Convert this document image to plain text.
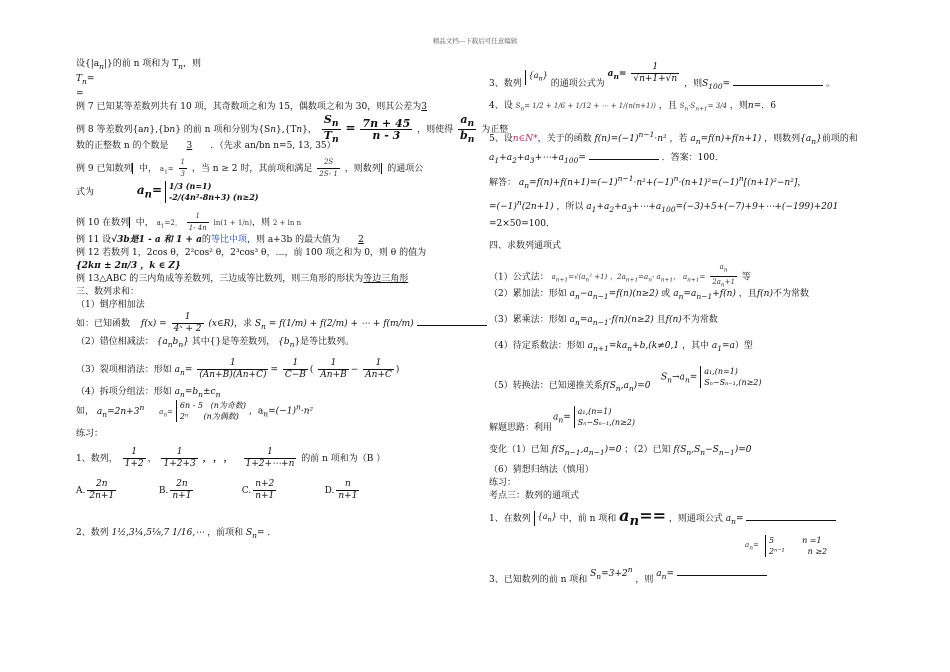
精品文档---下载后可任意编辑
设$\{|a_n|\}$的前 n 项和为 $T_n$，则
$T_n=$
=
例 7 已知某等差数列共有 10 项，其奇数项之和为 15，偶数项之和为 30，则其公差为3
例 8 等差数列{an},{bn} 的前 n 项和分别为{Sn},{Tn}， $\frac{S_n}{T_n} = \frac{7n + 45}{n - 3}$ ，则使得 $\frac{a_n}{b_n}$ 为正整
数的正整数 n 的个数是 3 ．（先求 an/bn n=5, 13, 35）
例 9 已知数列 中， $a_1= \frac{1}{3}$ ，当 n ≥ 2 时，其前项和满足 $\frac{2S}{2S- 1}$ ，则数列 的通项公
式为	$a_n= 1/3$ (n=1)
-2/(4n²-8n+3) (n≥2)
例 10 在数列 中， $a_1=2$， $\frac{1}{1- 4n} \ln(1 + 1/n)$，则 2 + ln n
例 11 设√3b是1 - a 和 1 + a的等比中项，则 a+3b 的最大值为 2
例 12 若数列 1，2cos θ，2²cos² θ，2³cos³ θ，…，前 100 项之和为 0，则 θ 的值为
{2kπ ± 2π/3 ，k ∈ Z}
例 13△ABC 的三内角成等差数列，三边成等比数列，则三角形的形状为等边三角形
三、数列求和：
（1）倒序相加法
如：已知函数 $f(x) = \frac{1}{\text{4ˣ + 2}}$ (x∈R)，求 $S_n = f(1/m) + f(2/m)$ + ⋯ + f(m/m)
（2）错位相减法： $\{a_nb_n\}$ 其中{}是等差数列， $\{b_n\}$是等比数列。
（3）裂项相消法：形如 $a_n= \frac{1}{(An+B)(An+C)} = \frac{1}{C-B}$ ( $\frac{1}{An+B} - \frac{1}{An+C}$ )
（4）拆项分组法：形如 $a_n=b_n\pm c_n$
如， $a_n=2n+3^n$ $a_n=$
6n - 5 (n为奇数)
2ⁿ (n为偶数)	，$a_n=(-1)^n\cdot n^2$
练习：
1、数列， $\frac{1}{1+2}$ ， $\frac{1}{1+2+3}$ ，，， $\frac{1}{1+2+\cdots+n}$ 的前 n 项和为（B ）
A. $\frac{2n}{2n+1}$	B. $\frac{2n}{n+1}$	C. $\frac{n+2}{n+1}$	D. $\frac{n}{n+1}$
2、数列 1½,3¼,5⅛,7 1/16,⋯ ，前项和 $S_n=$ ．
3、数列 $\{a_n\}$ 的通项公式为 $a_n= \frac{1}{√n+1+√n}$ ，则$S_{100}=$	。
4、设 $S_n= 1/2 + 1/6 + 1/12$ + ⋯ + 1/(n(n+1)) ，且 $S_n\cdot S_{n+1}= 3/4$ ，则n=．6
5、设n∈N*，关于的函数 $f(n)=(-1)^{n-1}\cdot n^2$ ，若 $a_n=f(n)+f(n+1)$ ，则数列$\{a_n\}$前项的和
$a_1+a_2+a_3+\cdots+a_{100}=$	．答案：100．
解答： $a_n=f(n)+f(n+1)=(-1)^{n-1}\cdot n^2+(-1)^n\cdot(n+1)^2=(-1)^n[(n+1)^2-n^2]$，
$=(-1)^n(2n+1)$ ，所以 $a_1+a_2+a_3+\cdots+a_{100}=(-3)+5+(-7)+9+\cdots+(-199)+201$
=2×50=100．
四、求数列通项式
（1）公式法： $a_{n+1}=√(a_n^2 +1)$ ，$2a_{n+1}=a_n-$ $a_{n+1}$， $a_{n+1}= \frac{a_n}{2a_n+1}$ 等
（2）累加法：形如 $a_n-a_{n-1}=f(n)(n\ge 2)$ 或 $a_n=a_{n-1}+f(n)$ ，且f(n)不为常数
（3）累乘法：形如 $a_n=a_{n-1}\cdot f(n)(n\ge 2)$ 且f(n)不为常数
（4）待定系数法：形如 $a_{n+1}=ka_n+b,(k\ne 0,1$ ，其中 $a_1=a$）型
$S_n\to a_n=$
a₁,(n=1)
Sₙ−Sₙ₋₁,(n≥2)
（5）转换法：已知递推关系$f(S_n,a_n)=0$
$a_n=$
a₁,(n=1)
Sₙ−Sₙ₋₁,(n≥2)
解题思路：利用
变化（1）已知 $f(S_{n-1},a_{n-1})=0$ ；（2）已知 $f(S_n,S_n-S_{n-1})=0$
（6）猜想归纳法（慎用）
练习：
考点三：数列的通项式
1、在数列 $\{a_n\}$ 中，前 n 项和 $a_n==$ ，则通项公式 $a_n=$
$a_n= 5$	n =1
2ⁿ⁻¹	n ≥2
3、已知数列的前 n 项和 $S_n=3+2^n$ ，则 $a_n=$
